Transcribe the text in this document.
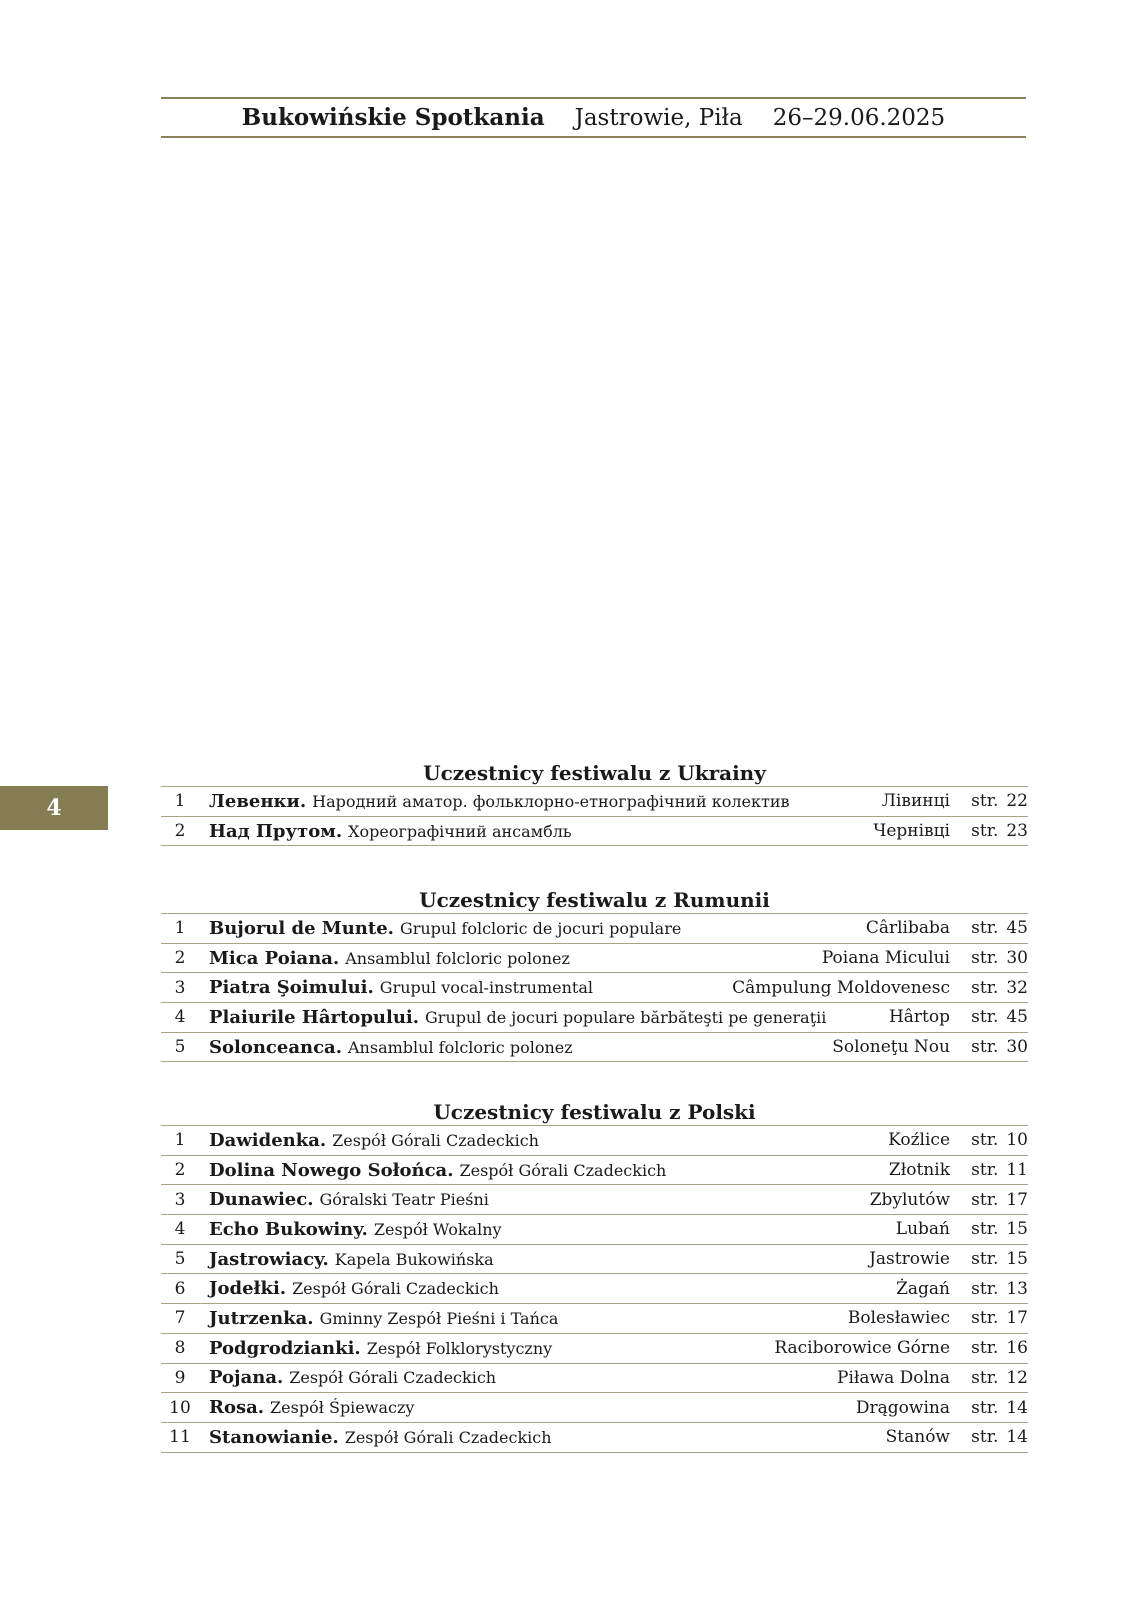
Bukowińskie Spotkania Jastrowie, Piła 26–29.06.2025
4
Uczestnicy festiwalu z Ukrainy
1	Левенки. Народний аматор. фольклорно-етнографічний колектив	Лівинці	str. 22
2	Над Прутом. Хореографічний ансамбль	Чернівці	str. 23
Uczestnicy festiwalu z Rumunii
1	Bujorul de Munte. Grupul folcloric de jocuri populare	Cârlibaba	str. 45
2	Mica Poiana. Ansamblul folcloric polonez	Poiana Micului	str. 30
3	Piatra Şoimului. Grupul vocal-instrumental	Câmpulung Moldovenesc	str. 32
4	Plaiurile Hârtopului. Grupul de jocuri populare bărbăteşti pe generaţii	Hârtop	str. 45
5	Solonceanca. Ansamblul folcloric polonez	Soloneţu Nou	str. 30
Uczestnicy festiwalu z Polski
1	Dawidenka. Zespół Górali Czadeckich	Koźlice	str. 10
2	Dolina Nowego Sołońca. Zespół Górali Czadeckich	Złotnik	str. 11
3	Dunawiec. Góralski Teatr Pieśni	Zbylutów	str. 17
4	Echo Bukowiny. Zespół Wokalny	Lubań	str. 15
5	Jastrowiacy. Kapela Bukowińska	Jastrowie	str. 15
6	Jodełki. Zespół Górali Czadeckich	Żagań	str. 13
7	Jutrzenka. Gminny Zespół Pieśni i Tańca	Bolesławiec	str. 17
8	Podgrodzianki. Zespół Folklorystyczny	Raciborowice Górne	str. 16
9	Pojana. Zespół Górali Czadeckich	Piława Dolna	str. 12
10	Rosa. Zespół Śpiewaczy	Drągowina	str. 14
11	Stanowianie. Zespół Górali Czadeckich	Stanów	str. 14
